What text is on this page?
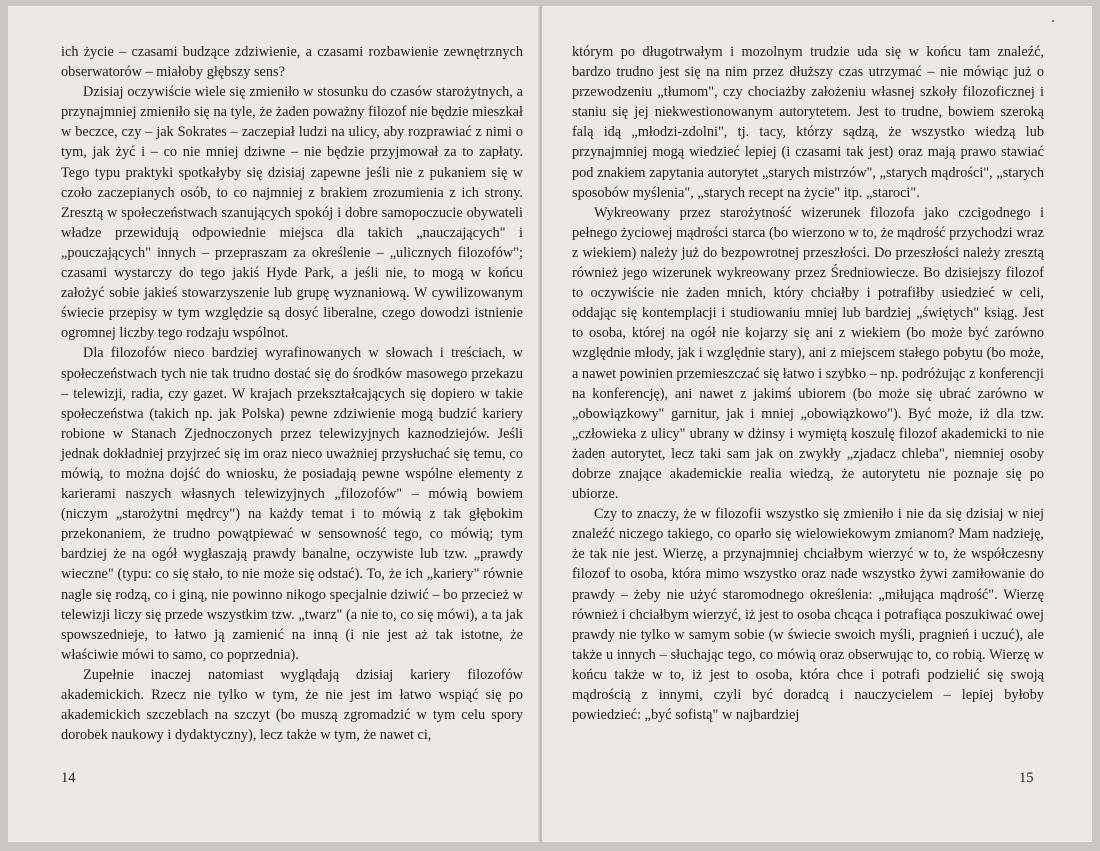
ich życie – czasami budzące zdziwienie, a czasami rozbawienie zewnętrznych obserwatorów – miałoby głębszy sens?

Dzisiaj oczywiście wiele się zmieniło w stosunku do czasów starożytnych, a przynajmniej zmieniło się na tyle, że żaden poważny filozof nie będzie mieszkał w beczce, czy – jak Sokrates – zaczepiał ludzi na ulicy, aby rozprawiać z nimi o tym, jak żyć i – co nie mniej dziwne – nie będzie przyjmował za to zapłaty. Tego typu praktyki spotkałyby się dzisiaj zapewne jeśli nie z pukaniem się w czoło zaczepianych osób, to co najmniej z brakiem zrozumienia z ich strony. Zresztą w społeczeństwach szanujących spokój i dobre samopoczucie obywateli władze przewidują odpowiednie miejsca dla takich „nauczających" i „pouczających" innych – przepraszam za określenie – „ulicznych filozofów"; czasami wystarczy do tego jakiś Hyde Park, a jeśli nie, to mogą w końcu założyć sobie jakieś stowarzyszenie lub grupę wyznaniową. W cywilizowanym świecie przepisy w tym względzie są dosyć liberalne, czego dowodzi istnienie ogromnej liczby tego rodzaju wspólnot.

Dla filozofów nieco bardziej wyrafinowanych w słowach i treściach, w społeczeństwach tych nie tak trudno dostać się do środków masowego przekazu – telewizji, radia, czy gazet. W krajach przekształcających się dopiero w takie społeczeństwa (takich np. jak Polska) pewne zdziwienie mogą budzić kariery robione w Stanach Zjednoczonych przez telewizyjnych kaznodziejów. Jeśli jednak dokładniej przyjrzeć się im oraz nieco uważniej przysłuchać się temu, co mówią, to można dojść do wniosku, że posiadają pewne wspólne elementy z karierami naszych własnych telewizyjnych „filozofów" – mówią bowiem (niczym „starożytni mędrcy") na każdy temat i to mówią z tak głębokim przekonaniem, że trudno powątpiewać w sensowność tego, co mówią; tym bardziej że na ogół wygłaszają prawdy banalne, oczywiste lub tzw. „prawdy wieczne" (typu: co się stało, to nie może się odstać). To, że ich „kariery" równie nagle się rodzą, co i giną, nie powinno nikogo specjalnie dziwić – bo przecież w telewizji liczy się przede wszystkim tzw. „twarz" (a nie to, co się mówi), a ta jak spowszednieje, to łatwo ją zamienić na inną (i nie jest aż tak istotne, że właściwie mówi to samo, co poprzednia).

Zupełnie inaczej natomiast wyglądają dzisiaj kariery filozofów akademickich. Rzecz nie tylko w tym, że nie jest im łatwo wspiąć się po akademickich szczeblach na szczyt (bo muszą zgromadzić w tym celu spory dorobek naukowy i dydaktyczny), lecz także w tym, że nawet ci,

14

którym po długotrwałym i mozolnym trudzie uda się w końcu tam znaleźć, bardzo trudno jest się na nim przez dłuższy czas utrzymać – nie mówiąc już o przewodzeniu „tłumom", czy chociażby założeniu własnej szkoły filozoficznej i staniu się jej niekwestionowanym autorytetem. Jest to trudne, bowiem szeroką falą idą „młodzi-zdolni", tj. tacy, którzy sądzą, że wszystko wiedzą lub przynajmniej mogą wiedzieć lepiej (i czasami tak jest) oraz mają prawo stawiać pod znakiem zapytania autorytet „starych mistrzów", „starych mądrości", „starych sposobów myślenia", „starych recept na życie" itp. „staroci".

Wykreowany przez starożytność wizerunek filozofa jako czcigodnego i pełnego życiowej mądrości starca (bo wierzono w to, że mądrość przychodzi wraz z wiekiem) należy już do bezpowrotnej przeszłości. Do przeszłości należy zresztą również jego wizerunek wykreowany przez Średniowiecze. Bo dzisiejszy filozof to oczywiście nie żaden mnich, który chciałby i potrafiłby usiedzieć w celi, oddając się kontemplacji i studiowaniu mniej lub bardziej „świętych" ksiąg. Jest to osoba, której na ogół nie kojarzy się ani z wiekiem (bo może być zarówno względnie młody, jak i względnie stary), ani z miejscem stałego pobytu (bo może, a nawet powinien przemieszczać się łatwo i szybko – np. podróżując z konferencji na konferencję), ani nawet z jakimś ubiorem (bo może się ubrać zarówno w „obowiązkowy" garnitur, jak i mniej „obowiązkowo"). Być może, iż dla tzw. „człowieka z ulicy" ubrany w dżinsy i wymiętą koszulę filozof akademicki to nie żaden autorytet, lecz taki sam jak on zwykły „zjadacz chleba", niemniej osoby dobrze znające akademickie realia wiedzą, że autorytetu nie poznaje się po ubiorze.

Czy to znaczy, że w filozofii wszystko się zmieniło i nie da się dzisiaj w niej znaleźć niczego takiego, co oparło się wielowiekowym zmianom? Mam nadzieję, że tak nie jest. Wierzę, a przynajmniej chciałbym wierzyć w to, że współczesny filozof to osoba, która mimo wszystko oraz nade wszystko żywi zamiłowanie do prawdy – żeby nie użyć staromodnego określenia: „miłująca mądrość". Wierzę również i chciałbym wierzyć, iż jest to osoba chcąca i potrafiąca poszukiwać owej prawdy nie tylko w samym sobie (w świecie swoich myśli, pragnień i uczuć), ale także u innych – słuchając tego, co mówią oraz obserwując to, co robią. Wierzę w końcu także w to, iż jest to osoba, która chce i potrafi podzielić się swoją mądrością z innymi, czyli być doradcą i nauczycielem – lepiej byłoby powiedzieć: „być sofistą" w najbardziej

15
